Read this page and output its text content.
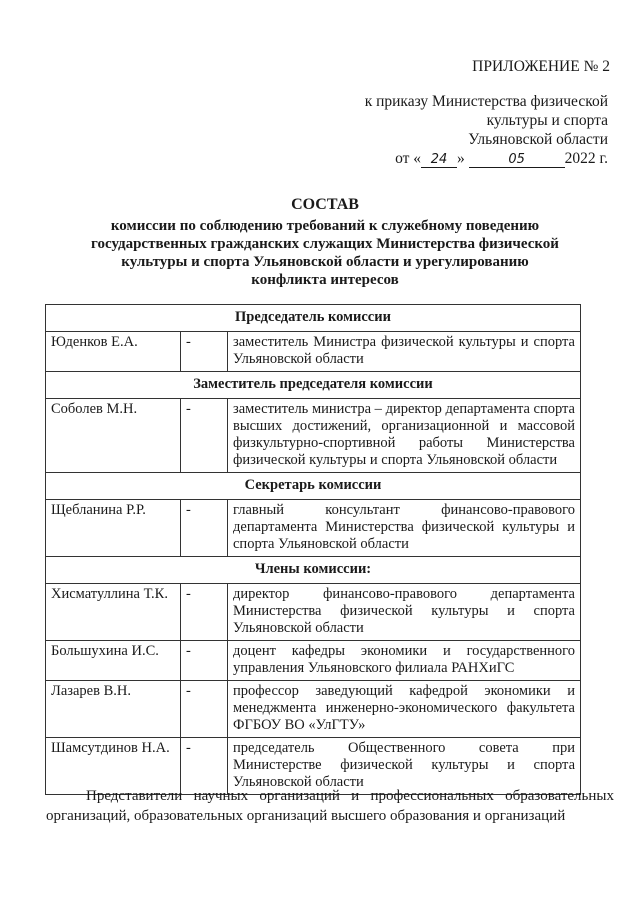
ПРИЛОЖЕНИЕ № 2
к приказу Министерства физической
культуры и спорта
Ульяновской области
от « 24 »	05	2022 г.
СОСТАВ
комиссии по соблюдению требований к служебному поведению
государственных гражданских служащих Министерства физической
культуры и спорта Ульяновской области и урегулированию
конфликта интересов
Председатель комиссии		
Юденков Е.А.	-	заместитель Министра физической культуры и спорта Ульяновской области
Заместитель председателя комиссии		
Соболев М.Н.	-	заместитель министра – директор департамента спорта высших достижений, организационной и массовой физкультурно-спортивной работы Министерства физической культуры и спорта Ульяновской области
Секретарь комиссии		
Щебланина Р.Р.	-	главный консультант финансово-правового департамента Министерства физической культуры и спорта Ульяновской области
Члены комиссии:		
Хисматуллина Т.К.	-	директор финансово-правового департамента Министерства физической культуры и спорта Ульяновской области
Большухина И.С.	-	доцент кафедры экономики и государственного управления Ульяновского филиала РАНХиГС
Лазарев В.Н.	-	профессор заведующий кафедрой экономики и менеджмента инженерно-экономического факультета ФГБОУ ВО «УлГТУ»
Шамсутдинов Н.А.	-	председатель Общественного совета при Министерстве физической культуры и спорта Ульяновской области
Представители научных организаций и профессиональных образовательных организаций, образовательных организаций высшего образования и организаций
